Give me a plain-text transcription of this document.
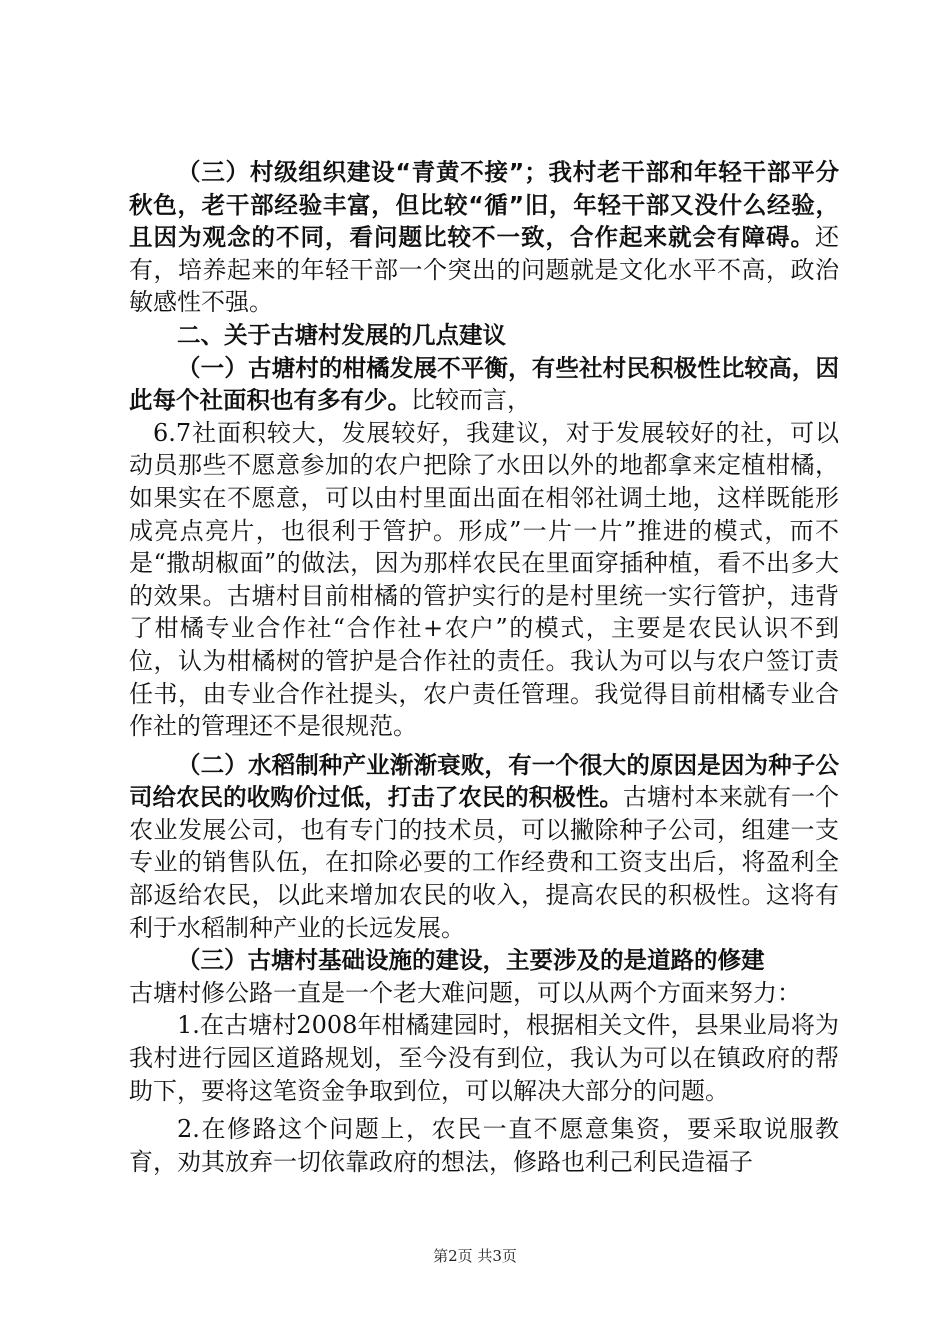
（三）村级组织建设“青黄不接”；我村老干部和年轻干部平分秋色，老干部经验丰富，但比较“循”旧，年轻干部又没什么经验，且因为观念的不同，看问题比较不一致，合作起来就会有障碍。还有，培养起来的年轻干部一个突出的问题就是文化水平不高，政治敏感性不强。

二、关于古塘村发展的几点建议

（一）古塘村的柑橘发展不平衡，有些社村民积极性比较高，因此每个社面积也有多有少。比较而言，

6.7社面积较大，发展较好，我建议，对于发展较好的社，可以动员那些不愿意参加的农户把除了水田以外的地都拿来定植柑橘，如果实在不愿意，可以由村里面出面在相邻社调土地，这样既能形成亮点亮片，也很利于管护。形成”一片一片”推进的模式，而不是“撒胡椒面”的做法，因为那样农民在里面穿插种植，看不出多大的效果。古塘村目前柑橘的管护实行的是村里统一实行管护，违背了柑橘专业合作社“合作社+农户”的模式，主要是农民认识不到位，认为柑橘树的管护是合作社的责任。我认为可以与农户签订责任书，由专业合作社提头，农户责任管理。我觉得目前柑橘专业合作社的管理还不是很规范。

（二）水稻制种产业渐渐衰败，有一个很大的原因是因为种子公司给农民的收购价过低，打击了农民的积极性。古塘村本来就有一个农业发展公司，也有专门的技术员，可以撇除种子公司，组建一支专业的销售队伍，在扣除必要的工作经费和工资支出后，将盈利全部返给农民，以此来增加农民的收入，提高农民的积极性。这将有利于水稻制种产业的长远发展。

（三）古塘村基础设施的建设，主要涉及的是道路的修建

古塘村修公路一直是一个老大难问题，可以从两个方面来努力：

1.在古塘村2008年柑橘建园时，根据相关文件，县果业局将为我村进行园区道路规划，至今没有到位，我认为可以在镇政府的帮助下，要将这笔资金争取到位，可以解决大部分的问题。

2.在修路这个问题上，农民一直不愿意集资，要采取说服教育，劝其放弃一切依靠政府的想法，修路也利己利民造福子

第2页 共3页
